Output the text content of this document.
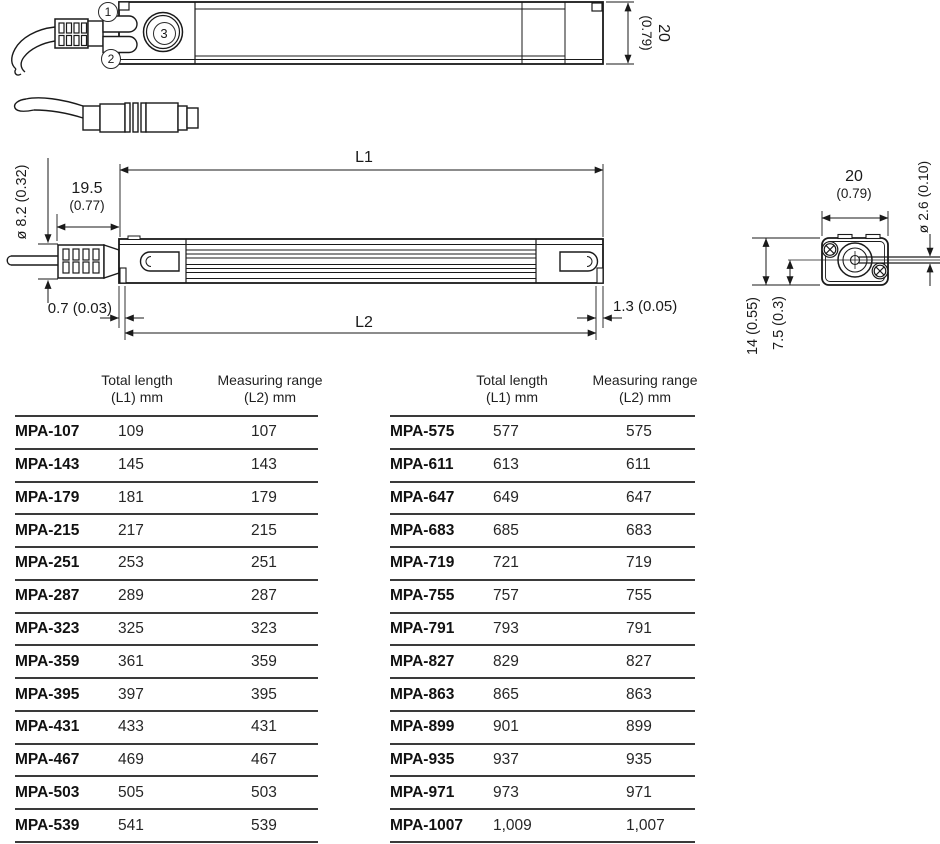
1
2
3	20
(0.79)
L1
19.5
(0.77)
ø 8.2 (0.32)
0.7 (0.03)
L2
1.3 (0.05)
20
(0.79)	ø 2.6 (0.10)
14 (0.55) 7.5 (0.3)
Total length
(L1) mm
Measuring range
(L2) mm
MPA-107	109	107
MPA-143	145	143
MPA-179	181	179
MPA-215	217	215
MPA-251	253	251
MPA-287	289	287
MPA-323	325	323
MPA-359	361	359
MPA-395	397	395
MPA-431	433	431
MPA-467	469	467
MPA-503	505	503
MPA-539	541	539
Total length
(L1) mm
Measuring range
(L2) mm
MPA-575	577	575
MPA-611	613	611
MPA-647	649	647
MPA-683	685	683
MPA-719	721	719
MPA-755	757	755
MPA-791	793	791
MPA-827	829	827
MPA-863	865	863
MPA-899	901	899
MPA-935	937	935
MPA-971	973	971
MPA-1007	1,009	1,007
